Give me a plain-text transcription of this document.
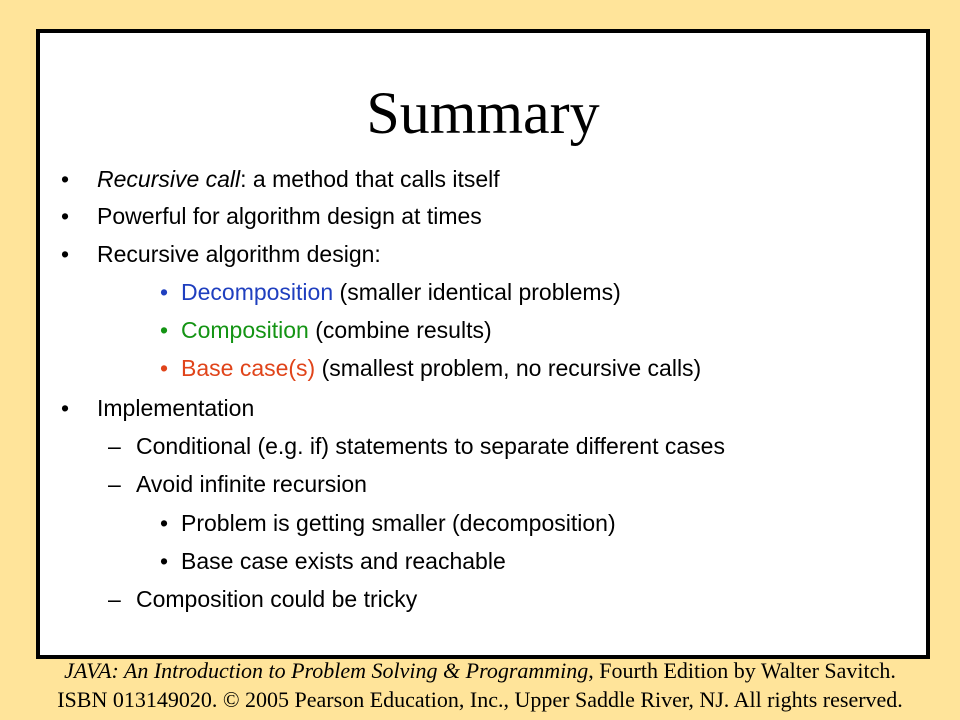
Summary
• Recursive call: a method that calls itself
• Powerful for algorithm design at times
• Recursive algorithm design:
• Decomposition (smaller identical problems)
• Composition (combine results)
• Base case(s) (smallest problem, no recursive calls)
• Implementation
– Conditional (e.g. if) statements to separate different cases
– Avoid infinite recursion
• Problem is getting smaller (decomposition)
• Base case exists and reachable
– Composition could be tricky
JAVA: An Introduction to Problem Solving & Programming, Fourth Edition by Walter Savitch.
ISBN 013149020. © 2005 Pearson Education, Inc., Upper Saddle River, NJ. All rights reserved.
